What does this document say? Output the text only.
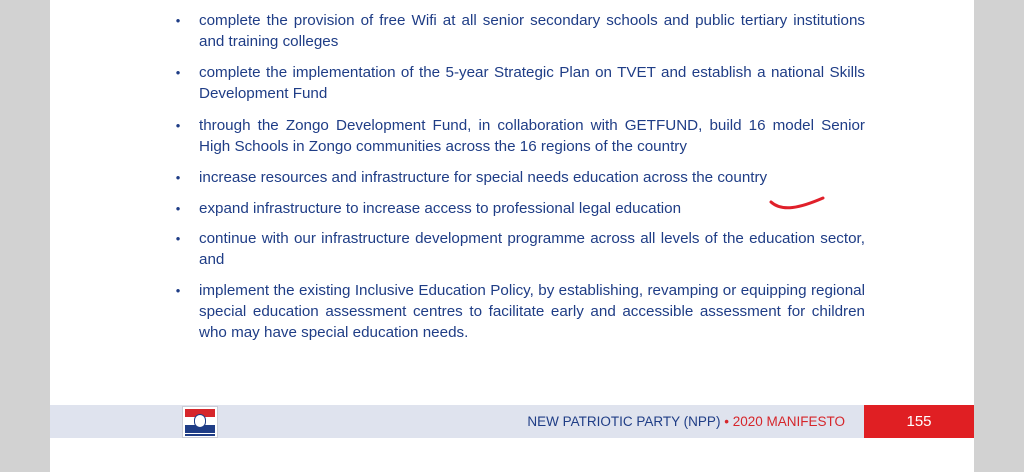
• complete the provision of free Wifi at all senior secondary schools and public tertiary institutions and training colleges
• complete the implementation of the 5-year Strategic Plan on TVET and establish a national Skills Development Fund
• through the Zongo Development Fund, in collaboration with GETFUND, build 16 model Senior High Schools in Zongo communities across the 16 regions of the country
• increase resources and infrastructure for special needs education across the country
• expand infrastructure to increase access to professional legal education
• continue with our infrastructure development programme across all levels of the education sector, and
• implement the existing Inclusive Education Policy, by establishing, revamping or equipping regional special education assessment centres to facilitate early and accessible assessment for children who may have special education needs.
NEW PATRIOTIC PARTY (NPP) • 2020 MANIFESTO	155
